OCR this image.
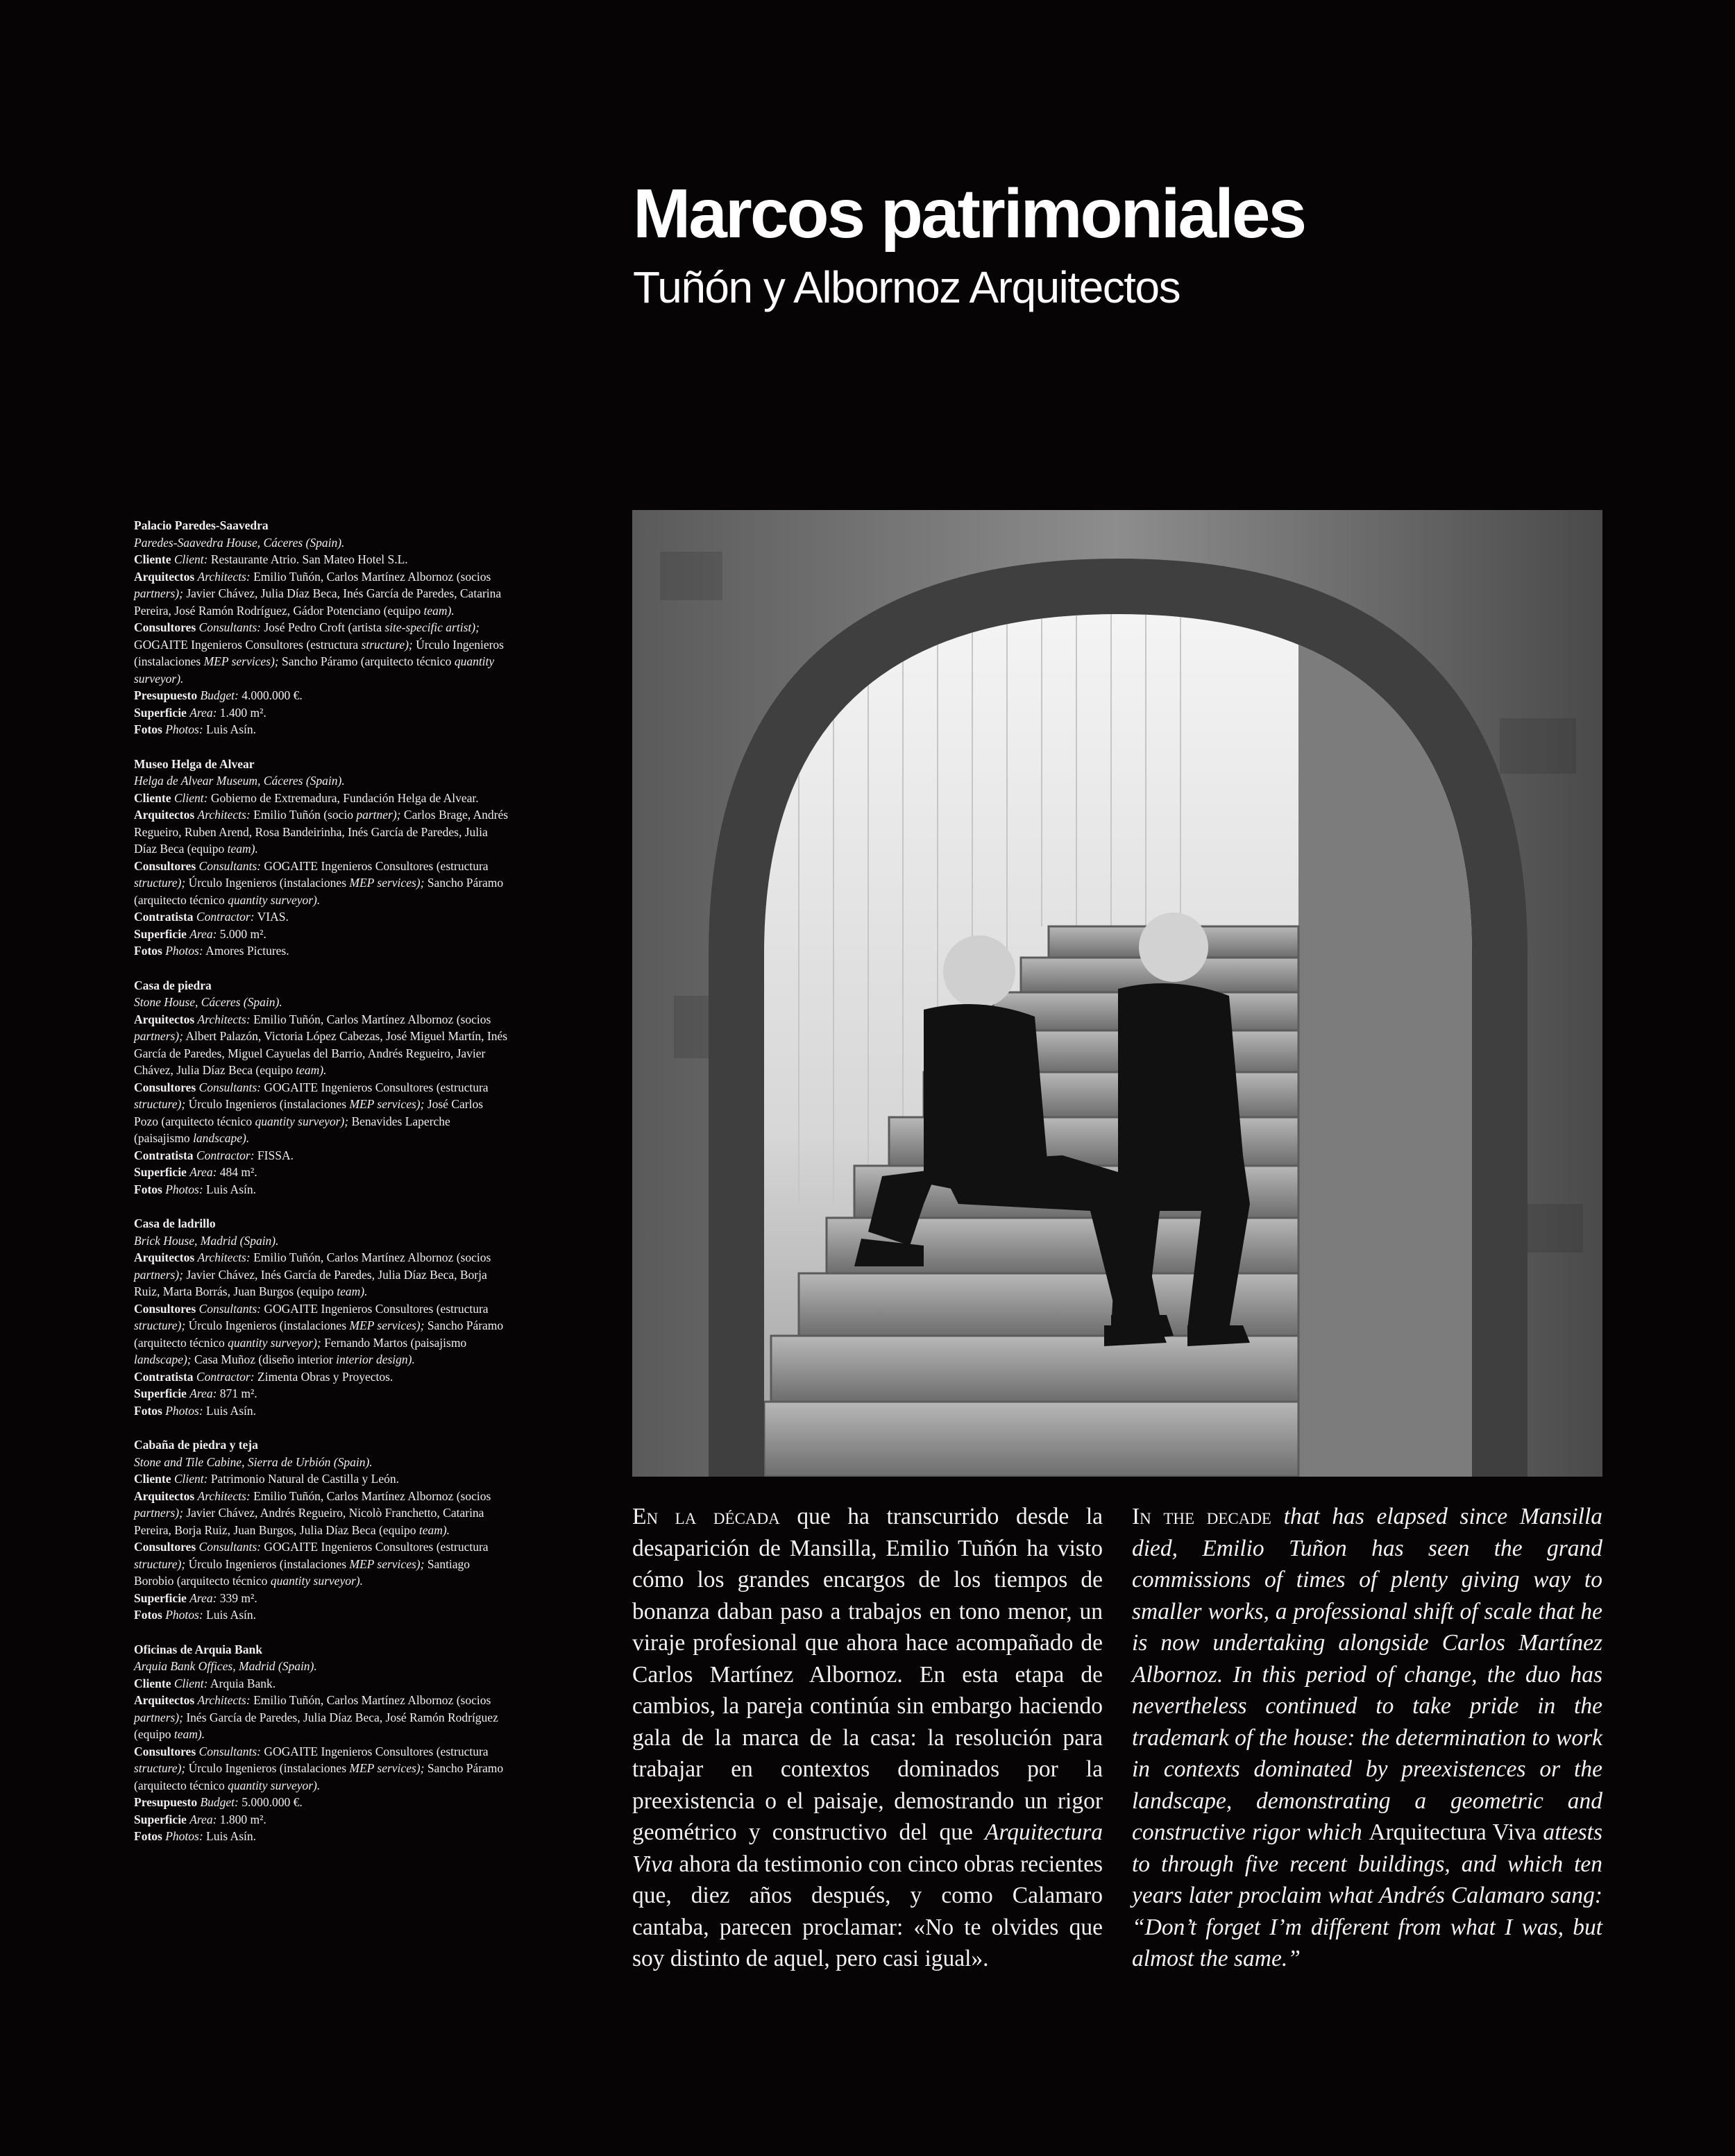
Marcos patrimoniales
Tuñón y Albornoz Arquitectos
Palacio Paredes-Saavedra
Paredes-Saavedra House, Cáceres (Spain).
Cliente Client: Restaurante Atrio. San Mateo Hotel S.L.
Arquitectos Architects: Emilio Tuñón, Carlos Martínez Albornoz (socios partners); Javier Chávez, Julia Díaz Beca, Inés García de Paredes, Catarina Pereira, José Ramón Rodríguez, Gádor Potenciano (equipo team).
Consultores Consultants: José Pedro Croft (artista site-specific artist); GOGAITE Ingenieros Consultores (estructura structure); Úrculo Ingenieros (instalaciones MEP services); Sancho Páramo (arquitecto técnico quantity surveyor).
Presupuesto Budget: 4.000.000 €.
Superficie Area: 1.400 m².
Fotos Photos: Luis Asín.
Museo Helga de Alvear
Helga de Alvear Museum, Cáceres (Spain).
Cliente Client: Gobierno de Extremadura, Fundación Helga de Alvear.
Arquitectos Architects: Emilio Tuñón (socio partner); Carlos Brage, Andrés Regueiro, Ruben Arend, Rosa Bandeirinha, Inés García de Paredes, Julia Díaz Beca (equipo team).
Consultores Consultants: GOGAITE Ingenieros Consultores (estructura structure); Úrculo Ingenieros (instalaciones MEP services); Sancho Páramo (arquitecto técnico quantity surveyor).
Contratista Contractor: VIAS.
Superficie Area: 5.000 m².
Fotos Photos: Amores Pictures.
Casa de piedra
Stone House, Cáceres (Spain).
Arquitectos Architects: Emilio Tuñón, Carlos Martínez Albornoz (socios partners); Albert Palazón, Victoria López Cabezas, José Miguel Martín, Inés García de Paredes, Miguel Cayuelas del Barrio, Andrés Regueiro, Javier Chávez, Julia Díaz Beca (equipo team).
Consultores Consultants: GOGAITE Ingenieros Consultores (estructura structure); Úrculo Ingenieros (instalaciones MEP services); José Carlos Pozo (arquitecto técnico quantity surveyor); Benavides Laperche (paisajismo landscape).
Contratista Contractor: FISSA.
Superficie Area: 484 m².
Fotos Photos: Luis Asín.
Casa de ladrillo
Brick House, Madrid (Spain).
Arquitectos Architects: Emilio Tuñón, Carlos Martínez Albornoz (socios partners); Javier Chávez, Inés García de Paredes, Julia Díaz Beca, Borja Ruiz, Marta Borrás, Juan Burgos (equipo team).
Consultores Consultants: GOGAITE Ingenieros Consultores (estructura structure); Úrculo Ingenieros (instalaciones MEP services); Sancho Páramo (arquitecto técnico quantity surveyor); Fernando Martos (paisajismo landscape); Casa Muñoz (diseño interior interior design).
Contratista Contractor: Zimenta Obras y Proyectos.
Superficie Area: 871 m².
Fotos Photos: Luis Asín.
Cabaña de piedra y teja
Stone and Tile Cabine, Sierra de Urbión (Spain).
Cliente Client: Patrimonio Natural de Castilla y León.
Arquitectos Architects: Emilio Tuñón, Carlos Martínez Albornoz (socios partners); Javier Chávez, Andrés Regueiro, Nicolò Franchetto, Catarina Pereira, Borja Ruiz, Juan Burgos, Julia Díaz Beca (equipo team).
Consultores Consultants: GOGAITE Ingenieros Consultores (estructura structure); Úrculo Ingenieros (instalaciones MEP services); Santiago Borobio (arquitecto técnico quantity surveyor).
Superficie Area: 339 m².
Fotos Photos: Luis Asín.
Oficinas de Arquia Bank
Arquia Bank Offices, Madrid (Spain).
Cliente Client: Arquia Bank.
Arquitectos Architects: Emilio Tuñón, Carlos Martínez Albornoz (socios partners); Inés García de Paredes, Julia Díaz Beca, José Ramón Rodríguez (equipo team).
Consultores Consultants: GOGAITE Ingenieros Consultores (estructura structure); Úrculo Ingenieros (instalaciones MEP services); Sancho Páramo (arquitecto técnico quantity surveyor).
Presupuesto Budget: 5.000.000 €.
Superficie Area: 1.800 m².
Fotos Photos: Luis Asín.
En la década que ha transcurrido desde la desaparición de Mansilla, Emilio Tuñón ha visto cómo los grandes encargos de los tiempos de bonanza daban paso a trabajos en tono menor, un viraje profesional que ahora hace acompañado de Carlos Martínez Albornoz. En esta etapa de cambios, la pareja continúa sin embargo haciendo gala de la marca de la casa: la resolución para trabajar en contextos dominados por la preexistencia o el paisaje, demostrando un rigor geométrico y constructivo del que Arquitectura Viva ahora da testimonio con cinco obras recientes que, diez años después, y como Calamaro cantaba, parecen proclamar: «No te olvides que soy distinto de aquel, pero casi igual».
In the decade that has elapsed since Mansilla died, Emilio Tuñon has seen the grand commissions of times of plenty giving way to smaller works, a professional shift of scale that he is now undertaking alongside Carlos Martínez Albornoz. In this period of change, the duo has nevertheless continued to take pride in the trademark of the house: the determination to work in contexts dominated by preexistences or the landscape, demonstrating a geometric and constructive rigor which Arquitectura Viva attests to through five recent buildings, and which ten years later proclaim what Andrés Calamaro sang: “Don’t forget I’m different from what I was, but almost the same.”
